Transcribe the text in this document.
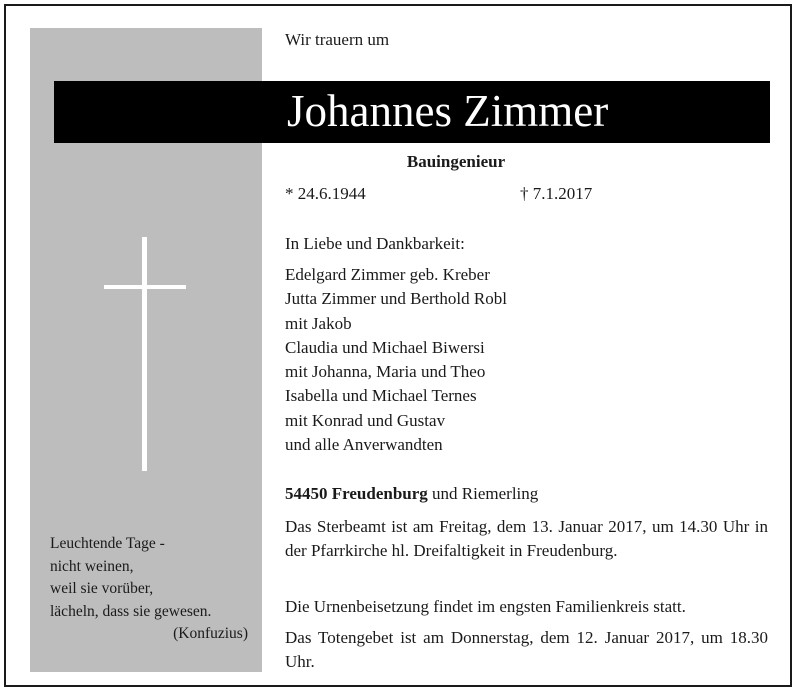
Leuchtende Tage -
nicht weinen,
weil sie vorüber,
lächeln, dass sie gewesen.
(Konfuzius)
Wir trauern um
Johannes Zimmer
Bauingenieur
* 24.6.1944	† 7.1.2017
In Liebe und Dankbarkeit:
Edelgard Zimmer geb. Kreber
Jutta Zimmer und Berthold Robl
mit Jakob
Claudia und Michael Biwersi
mit Johanna, Maria und Theo
Isabella und Michael Ternes
mit Konrad und Gustav
und alle Anverwandten
54450 Freudenburg und Riemerling
Das Sterbeamt ist am Freitag, dem 13. Januar 2017, um 14.30 Uhr in der Pfarrkirche hl. Dreifaltigkeit in Freudenburg.
Die Urnenbeisetzung findet im engsten Familienkreis statt.
Das Totengebet ist am Donnerstag, dem 12. Januar 2017, um 18.30 Uhr.
